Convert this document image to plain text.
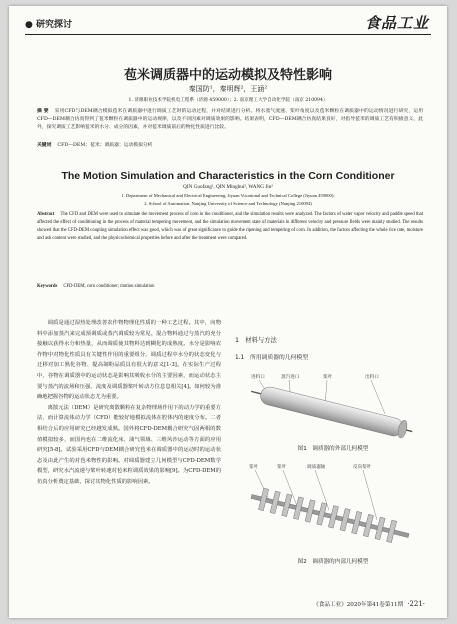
● 研究探讨	食品工业
苞米调质器中的运动模拟及特性影响

秦国防¹，秦明辉²，王涵²

1. 济源职业技术学院机电工程系（济源 459000）；2. 南京理工大学自动化学院（南京 210094）

摘 要 采用CFD与DEM耦合模拟苞米在调质器中进行调质工艺时的运动过程，并对结果进行分析。将水蒸气流速、桨叶角度以及苞米颗粒在调质器中的运动情况进行研究，运用CFD—DEM耦合仿真得到了苞米颗粒在调质器中的运动规律，以及不同因素对调质效果的影响。结果表明，CFD—DEM耦合仿真结果良好，对指导苞米的调质工艺有积极意义，此外，探究调质工艺影响苞米的水分、成分的因素，并对苞米调质前后的物化性质进行比较。

关键词 CFD—DEM；苞米；调质器；运动模拟分析

The Motion Simulation and Characteristics in the Corn Conditioner

QIN Guofang¹, QIN Minghui², WANG Jin²

1. Department of Mechanical and Electrical Engineering, Jiyuan Vocational and Technical College (Jiyuan 459000);

2. School of Automation, Nanjing University of Science and Technology (Nanjing 210094)

Abstract The CFD and DEM were used to simulate the movement process of corn in the conditioner, and the simulation results were analyzed. The factors of water vapor velocity and paddle speed that affected the effect of conditioning in the process of material tempering movement, and the simulation movement state of materials in different velocity and pressure fields were mainly studied. The results showed that the CFD-DEM coupling simulation effect was good, which was of great significance to guide the ripening and tempering of corn. In addition, the factors affecting the whole rice rate, moisture and ash content were studied, and the physicochemical properties before and after the treatment were compared.

Keywords CFD-DEM; corn conditioner; motion simulation

调质是通过湿热处理改善农作物物理化性质的一种工艺过程。其中，向物料中添加蒸汽来完成预调质或蒸汽调质较为常见。混合物料通过与蒸汽的充分接触以获得水分和热量，从而调质使其物料达到糊化的成熟度。水分是影响农作物中对物化性质具有关键性作用的重要组分，调质过程中水分的状态变化与迁移对加工熟化谷物、提高制粉品质具有很大的意义[1-3]。在实际生产过程中，谷物在调质器中的运动状态是影响其吸收水分的主要因素，而运动状态主要与蒸汽的流场和压强、流度及调质器桨叶转动方位息息相关[4]。如何较为准确地把握谷物的运动状态尤为重要。

离散元法（DEM）是研究离散颗粒在复杂物理场作用下的动力学的重要方法，而计算流体动力学（CFD）能较好地模拟流体在腔体内的速度分布。二者相结合后的应用研究已经越发成熟。国外将CFD-DEM耦合研究气固两相的数值模拟较多，而国内也在二维流化床、油气领域、三维风沙运动等方面的应用研究[5-8]。试验采用CFD与DEM耦合研究苞米在调质器中的运动时的运动状态及由此产生的对苞米物性的影响。对调质器建立几何模型与CFD-DEM数学模型，研究水汽流速与桨叶转速对苞米粒调质效果的影响[9]。为CFD-DEM的仿真分析奠定基础，探讨其物化性质的影响因素。

1　材料与方法

1.1　所用调质器的几何模型

进料口	蒸汽进口	桨叶	出料口

图1　调质器的外部几何模型

桨叶	桨叶	调质器轴	反向桨叶

图2　调质器的内部几何模型

《食品工业》2020年第41卷第11期 ·221·
